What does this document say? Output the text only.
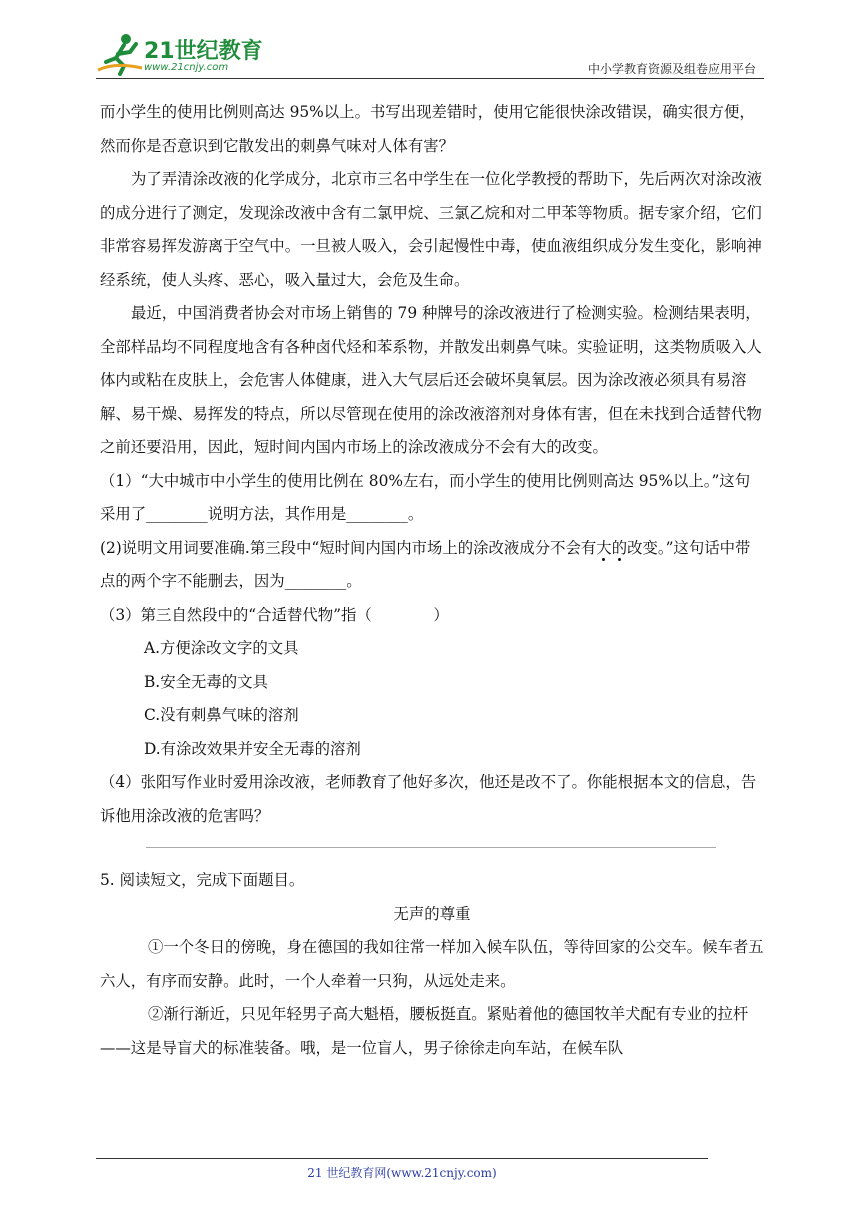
21世纪教育
www.21cnjy.com	中小学教育资源及组卷应用平台

而小学生的使用比例则高达 95%以上。书写出现差错时，使用它能很快涂改错误，确实很方便，然而你是否意识到它散发出的刺鼻气味对人体有害？

为了弄清涂改液的化学成分，北京市三名中学生在一位化学教授的帮助下，先后两次对涂改液的成分进行了测定，发现涂改液中含有二氯甲烷、三氯乙烷和对二甲苯等物质。据专家介绍，它们非常容易挥发游离于空气中。一旦被人吸入，会引起慢性中毒，使血液组织成分发生变化，影响神经系统，使人头疼、恶心，吸入量过大，会危及生命。

最近，中国消费者协会对市场上销售的 79 种牌号的涂改液进行了检测实验。检测结果表明，全部样品均不同程度地含有各种卤代烃和苯系物，并散发出刺鼻气味。实验证明，这类物质吸入人体内或粘在皮肤上，会危害人体健康，进入大气层后还会破坏臭氧层。因为涂改液必须具有易溶解、易干燥、易挥发的特点，所以尽管现在使用的涂改液溶剂对身体有害，但在未找到合适替代物之前还要沿用，因此，短时间内国内市场上的涂改液成分不会有大的改变。

（1）“大中城市中小学生的使用比例在 80%左右，而小学生的使用比例则高达 95%以上。”这句采用了________说明方法，其作用是________。

(2)说明文用词要准确.第三段中“短时间内国内市场上的涂改液成分不会有大的改变。”这句话中带点的两个字不能删去，因为________。

（3）第三自然段中的“合适替代物”指（　　　　）

A.方便涂改文字的文具

B.安全无毒的文具

C.没有刺鼻气味的溶剂

D.有涂改效果并安全无毒的溶剂

（4）张阳写作业时爱用涂改液，老师教育了他好多次，他还是改不了。你能根据本文的信息，告诉他用涂改液的危害吗？

5. 阅读短文，完成下面题目。

无声的尊重

①一个冬日的傍晚，身在德国的我如往常一样加入候车队伍，等待回家的公交车。候车者五六人，有序而安静。此时，一个人牵着一只狗，从远处走来。

②渐行渐近，只见年轻男子高大魁梧，腰板挺直。紧贴着他的德国牧羊犬配有专业的拉杆——这是导盲犬的标准装备。哦，是一位盲人，男子徐徐走向车站，在候车队

21 世纪教育网(www.21cnjy.com)
